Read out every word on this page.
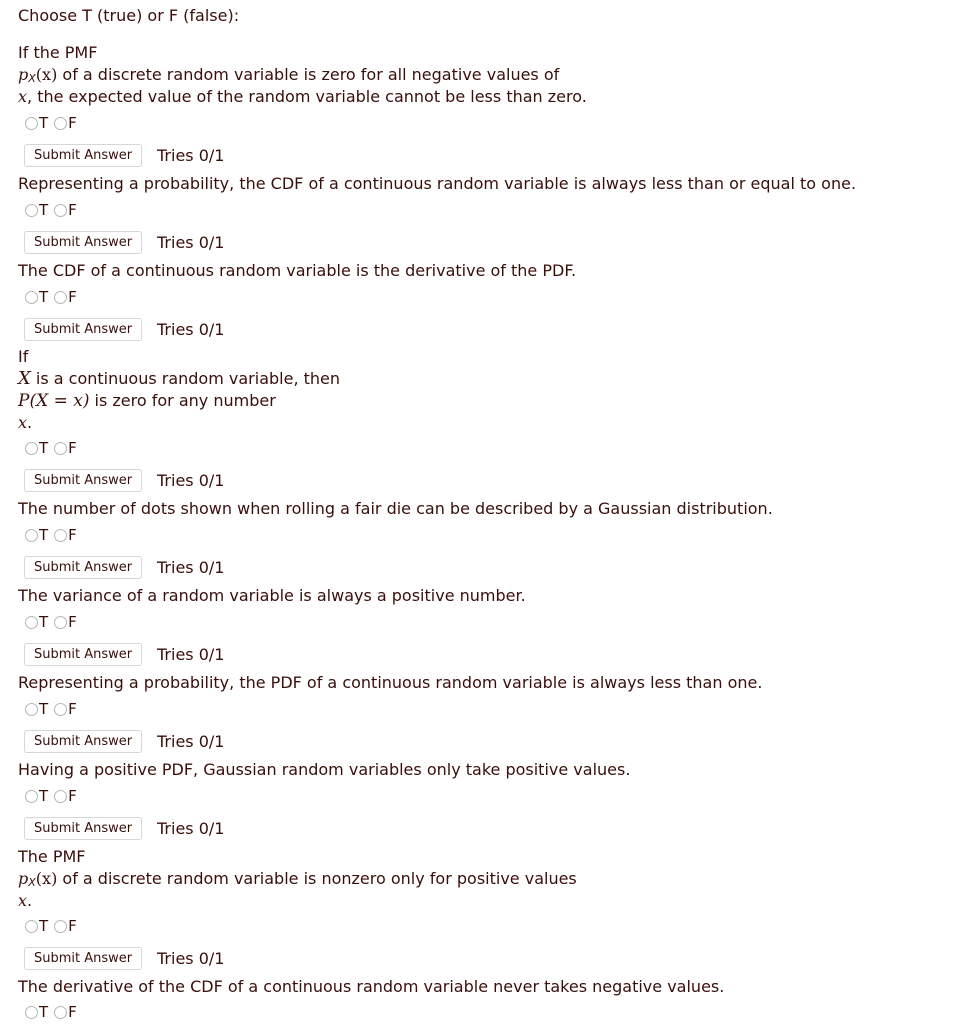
Choose T (true) or F (false):
If the PMF
pX(x) of a discrete random variable is zero for all negative values of
x, the expected value of the random variable cannot be less than zero.
T F
Submit Answer	Tries 0/1
Representing a probability, the CDF of a continuous random variable is always less than or equal to one.
T F
Submit Answer	Tries 0/1
The CDF of a continuous random variable is the derivative of the PDF.
T F
Submit Answer	Tries 0/1
If
X is a continuous random variable, then
P(X = x) is zero for any number
x.
T F
Submit Answer	Tries 0/1
The number of dots shown when rolling a fair die can be described by a Gaussian distribution.
T F
Submit Answer	Tries 0/1
The variance of a random variable is always a positive number.
T F
Submit Answer	Tries 0/1
Representing a probability, the PDF of a continuous random variable is always less than one.
T F
Submit Answer	Tries 0/1
Having a positive PDF, Gaussian random variables only take positive values.
T F
Submit Answer	Tries 0/1
The PMF
pX(x) of a discrete random variable is nonzero only for positive values
x.
T F
Submit Answer	Tries 0/1
The derivative of the CDF of a continuous random variable never takes negative values.
T F
